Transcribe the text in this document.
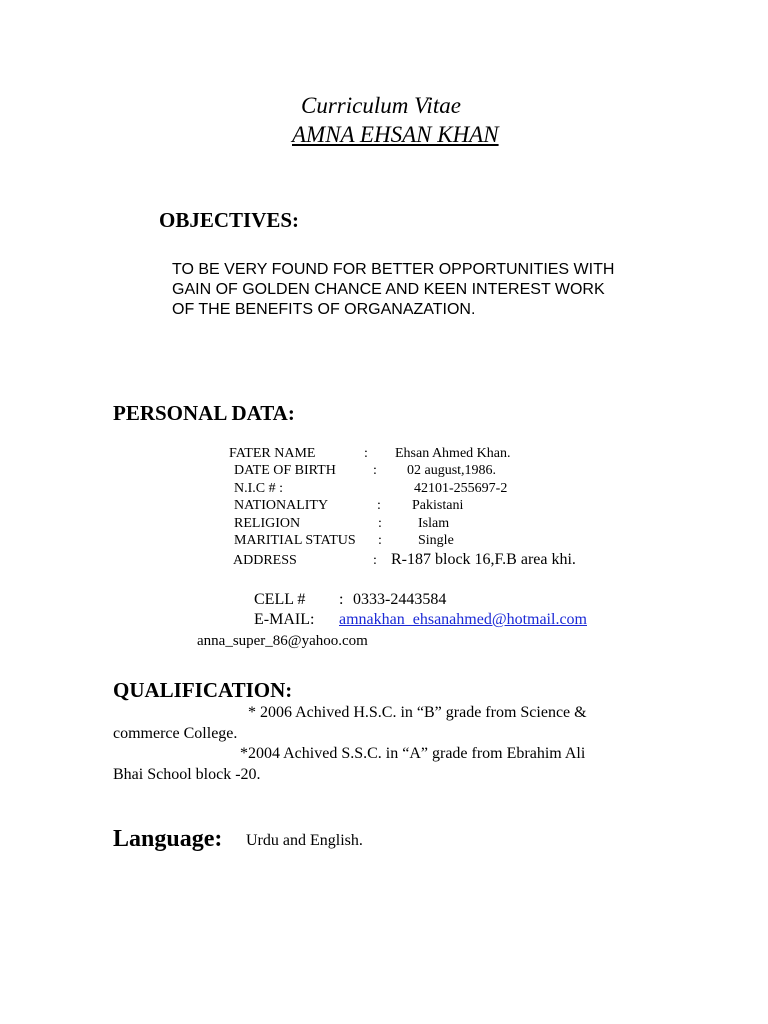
Curriculum Vitae
AMNA EHSAN KHAN
OBJECTIVES:
TO BE VERY FOUND FOR BETTER OPPORTUNITIES WITH
GAIN OF GOLDEN CHANCE AND KEEN INTEREST WORK
OF THE BENEFITS OF ORGANAZATION.
PERSONAL DATA:
FATER NAME	: Ehsan Ahmed Khan.
DATE OF BIRTH	: 02 august,1986.
N.I.C # :	42101-255697-2
NATIONALITY	: Pakistani
RELIGION	:	Islam
MARITIAL STATUS :	Single
ADDRESS	: R-187 block 16,F.B area khi.
CELL # : 0333-2443584
E-MAIL: amnakhan_ehsanahmed@hotmail.com
anna_super_86@yahoo.com
QUALIFICATION:
* 2006 Achived H.S.C. in “B” grade from Science &
commerce College.
*2004 Achived S.S.C. in “A” grade from Ebrahim Ali
Bhai School block -20.
Language: Urdu and English.
